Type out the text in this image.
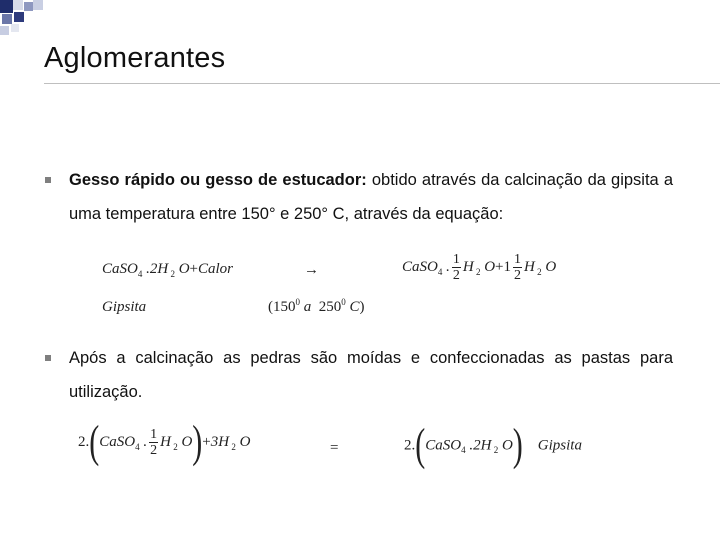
Aglomerantes
Gesso rápido ou gesso de estucador: obtido através da calcinação da gipsita a uma temperatura entre 150° e 250° C, através da equação:
CaSO$_4$ .2H $_2$ O+Calor	→	CaSO$_4$ . $\frac{1}{2}$ H $_2$ $O+1 \frac{1}{2}$ H $_2$ O
Gipsita	($150^0$ a  $250^0$ C)
Após a calcinação as pedras são moídas e confeccionadas as pastas para utilização.
2.(CaSO$_4$ . $\frac{1}{2}$ H $_2$ O)+3H $_2$ O	=	2.(CaSO$_4$ .2H $_2$ O) Gipsita
